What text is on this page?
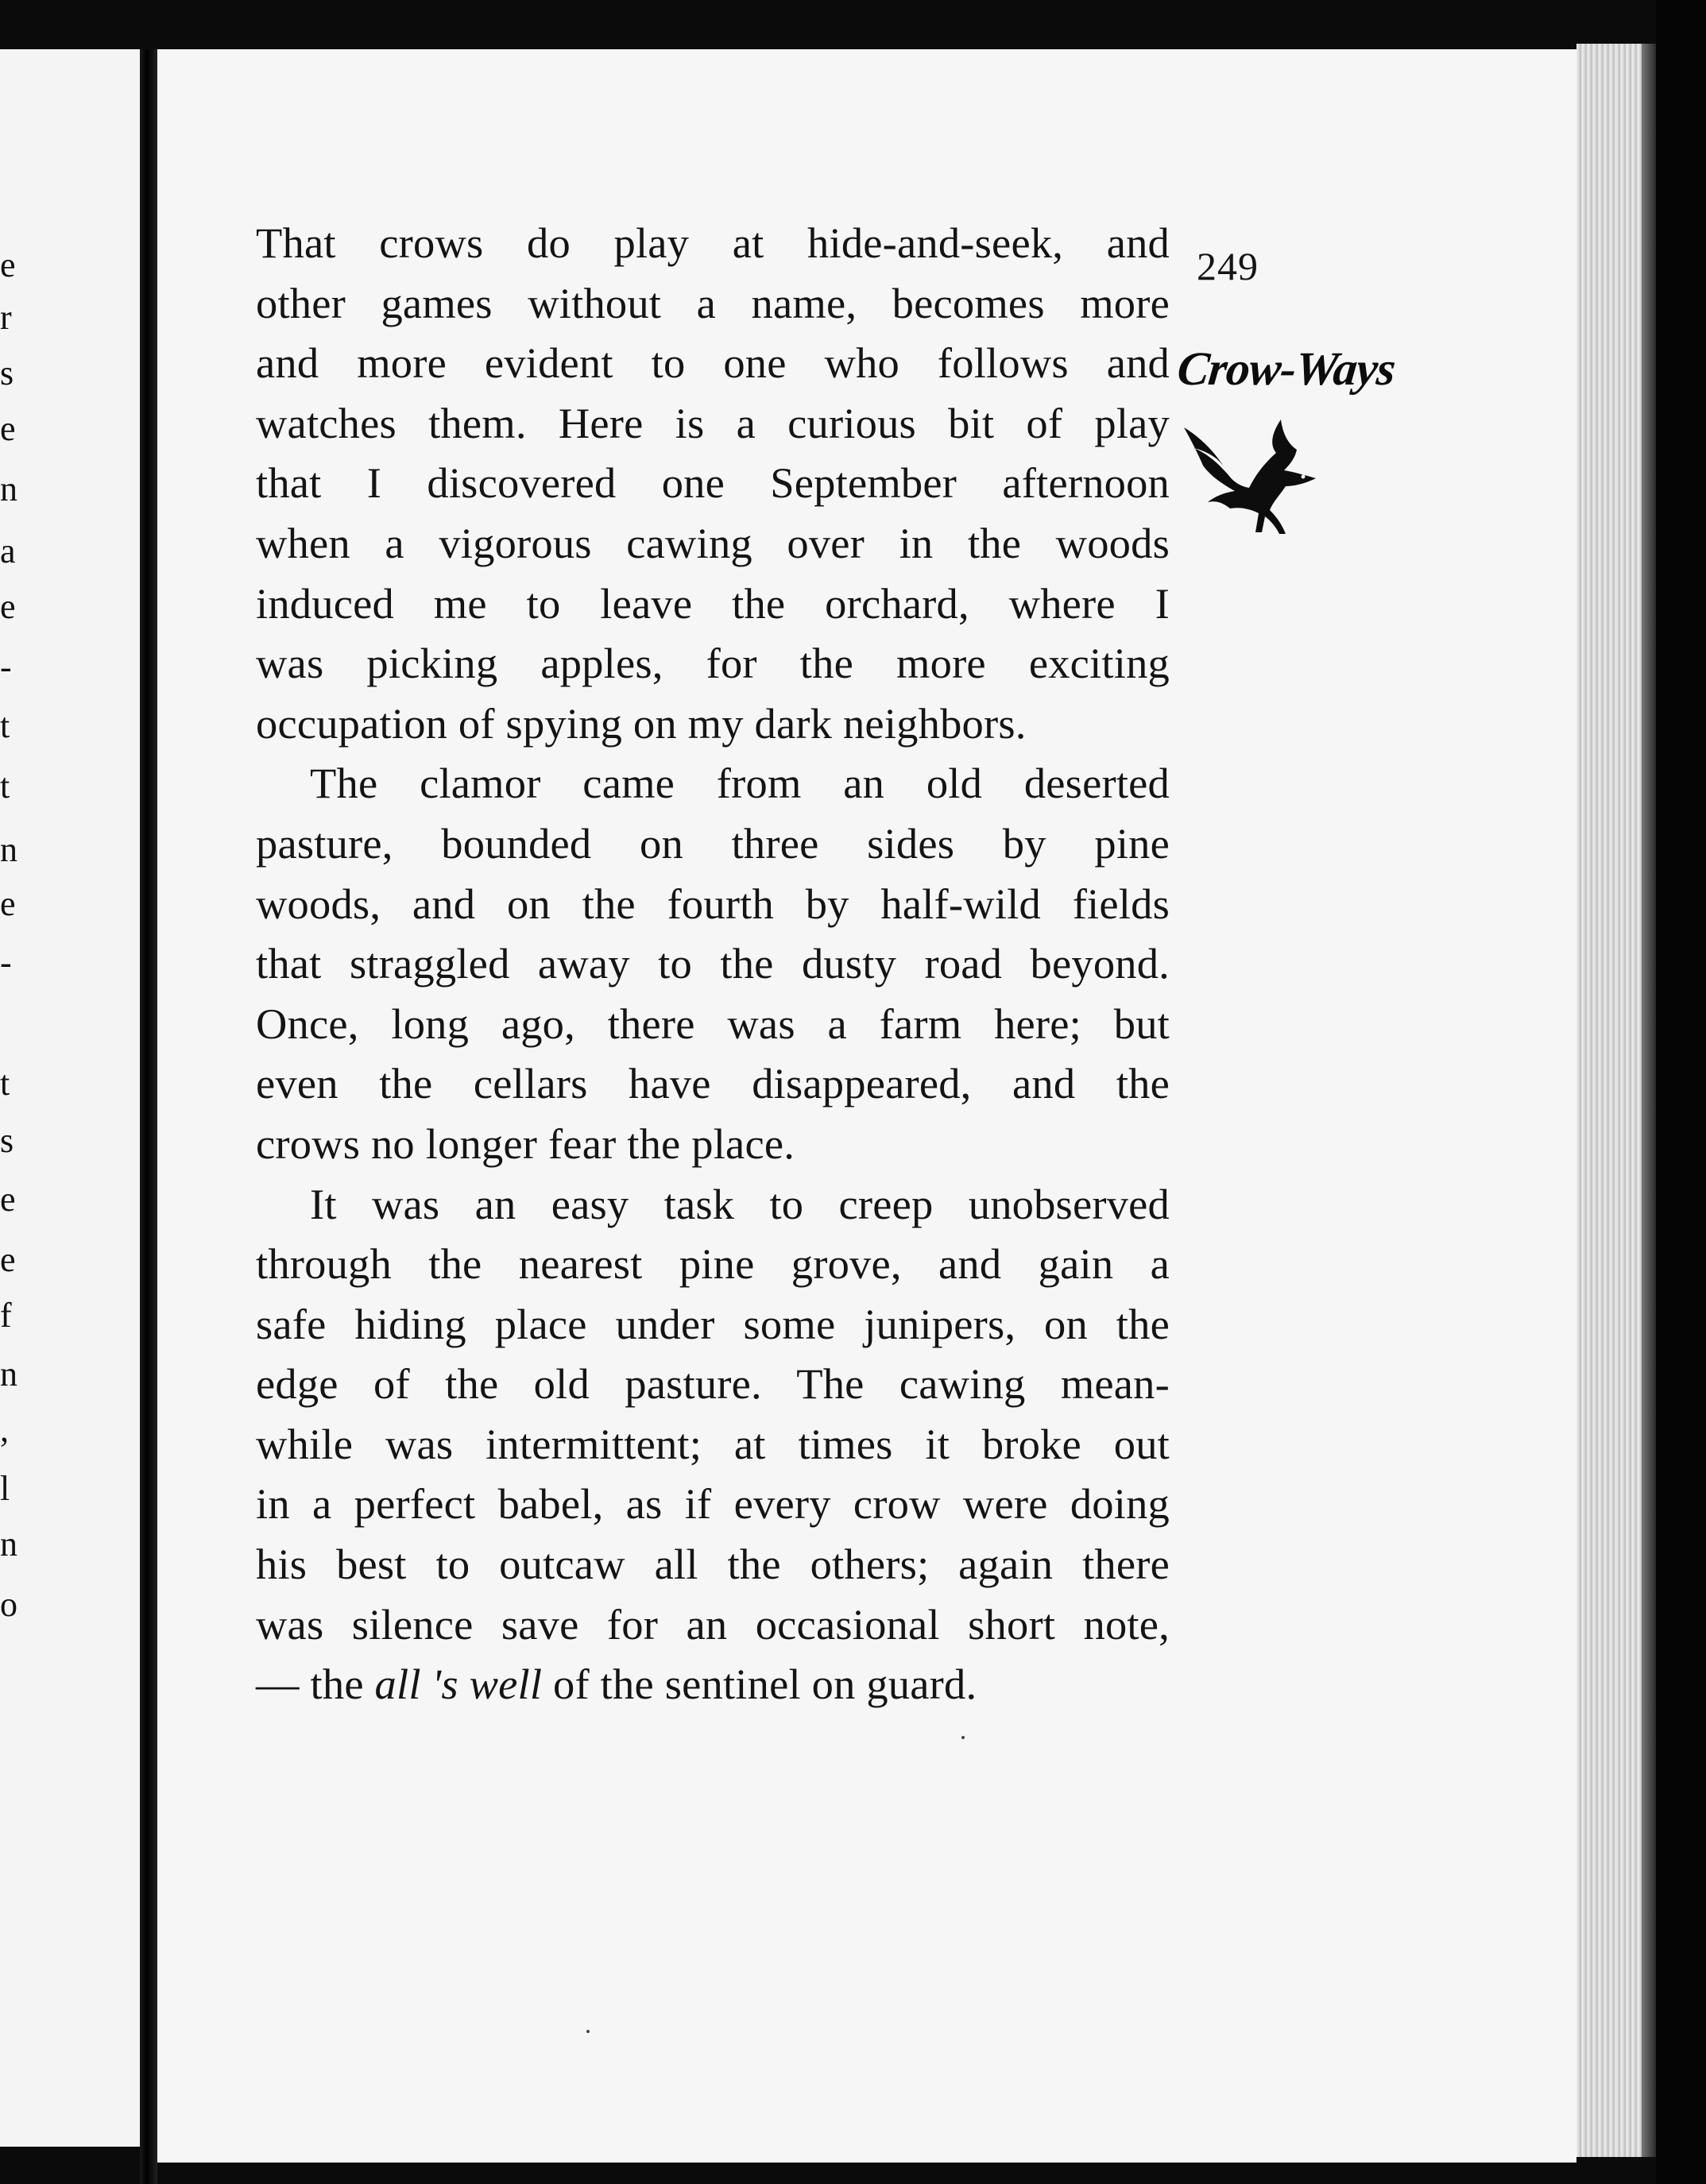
e
r
s
e
n
a
e
-
t
t
n
e
-
t
s
e
e
f
n
,
l
n
o
249
Crow-Ways
That crows do play at hide-and-seek, and
other games without a name, becomes more
and more evident to one who follows and
watches them. Here is a curious bit of play
that I discovered one September afternoon
when a vigorous cawing over in the woods
induced me to leave the orchard, where I
was picking apples, for the more exciting
occupation of spying on my dark neighbors.
The clamor came from an old deserted
pasture, bounded on three sides by pine
woods, and on the fourth by half-wild fields
that straggled away to the dusty road beyond.
Once, long ago, there was a farm here; but
even the cellars have disappeared, and the
crows no longer fear the place.
It was an easy task to creep unobserved
through the nearest pine grove, and gain a
safe hiding place under some junipers, on the
edge of the old pasture. The cawing mean-
while was intermittent; at times it broke out
in a perfect babel, as if every crow were doing
his best to outcaw all the others; again there
was silence save for an occasional short note,
— the all 's well of the sentinel on guard.
